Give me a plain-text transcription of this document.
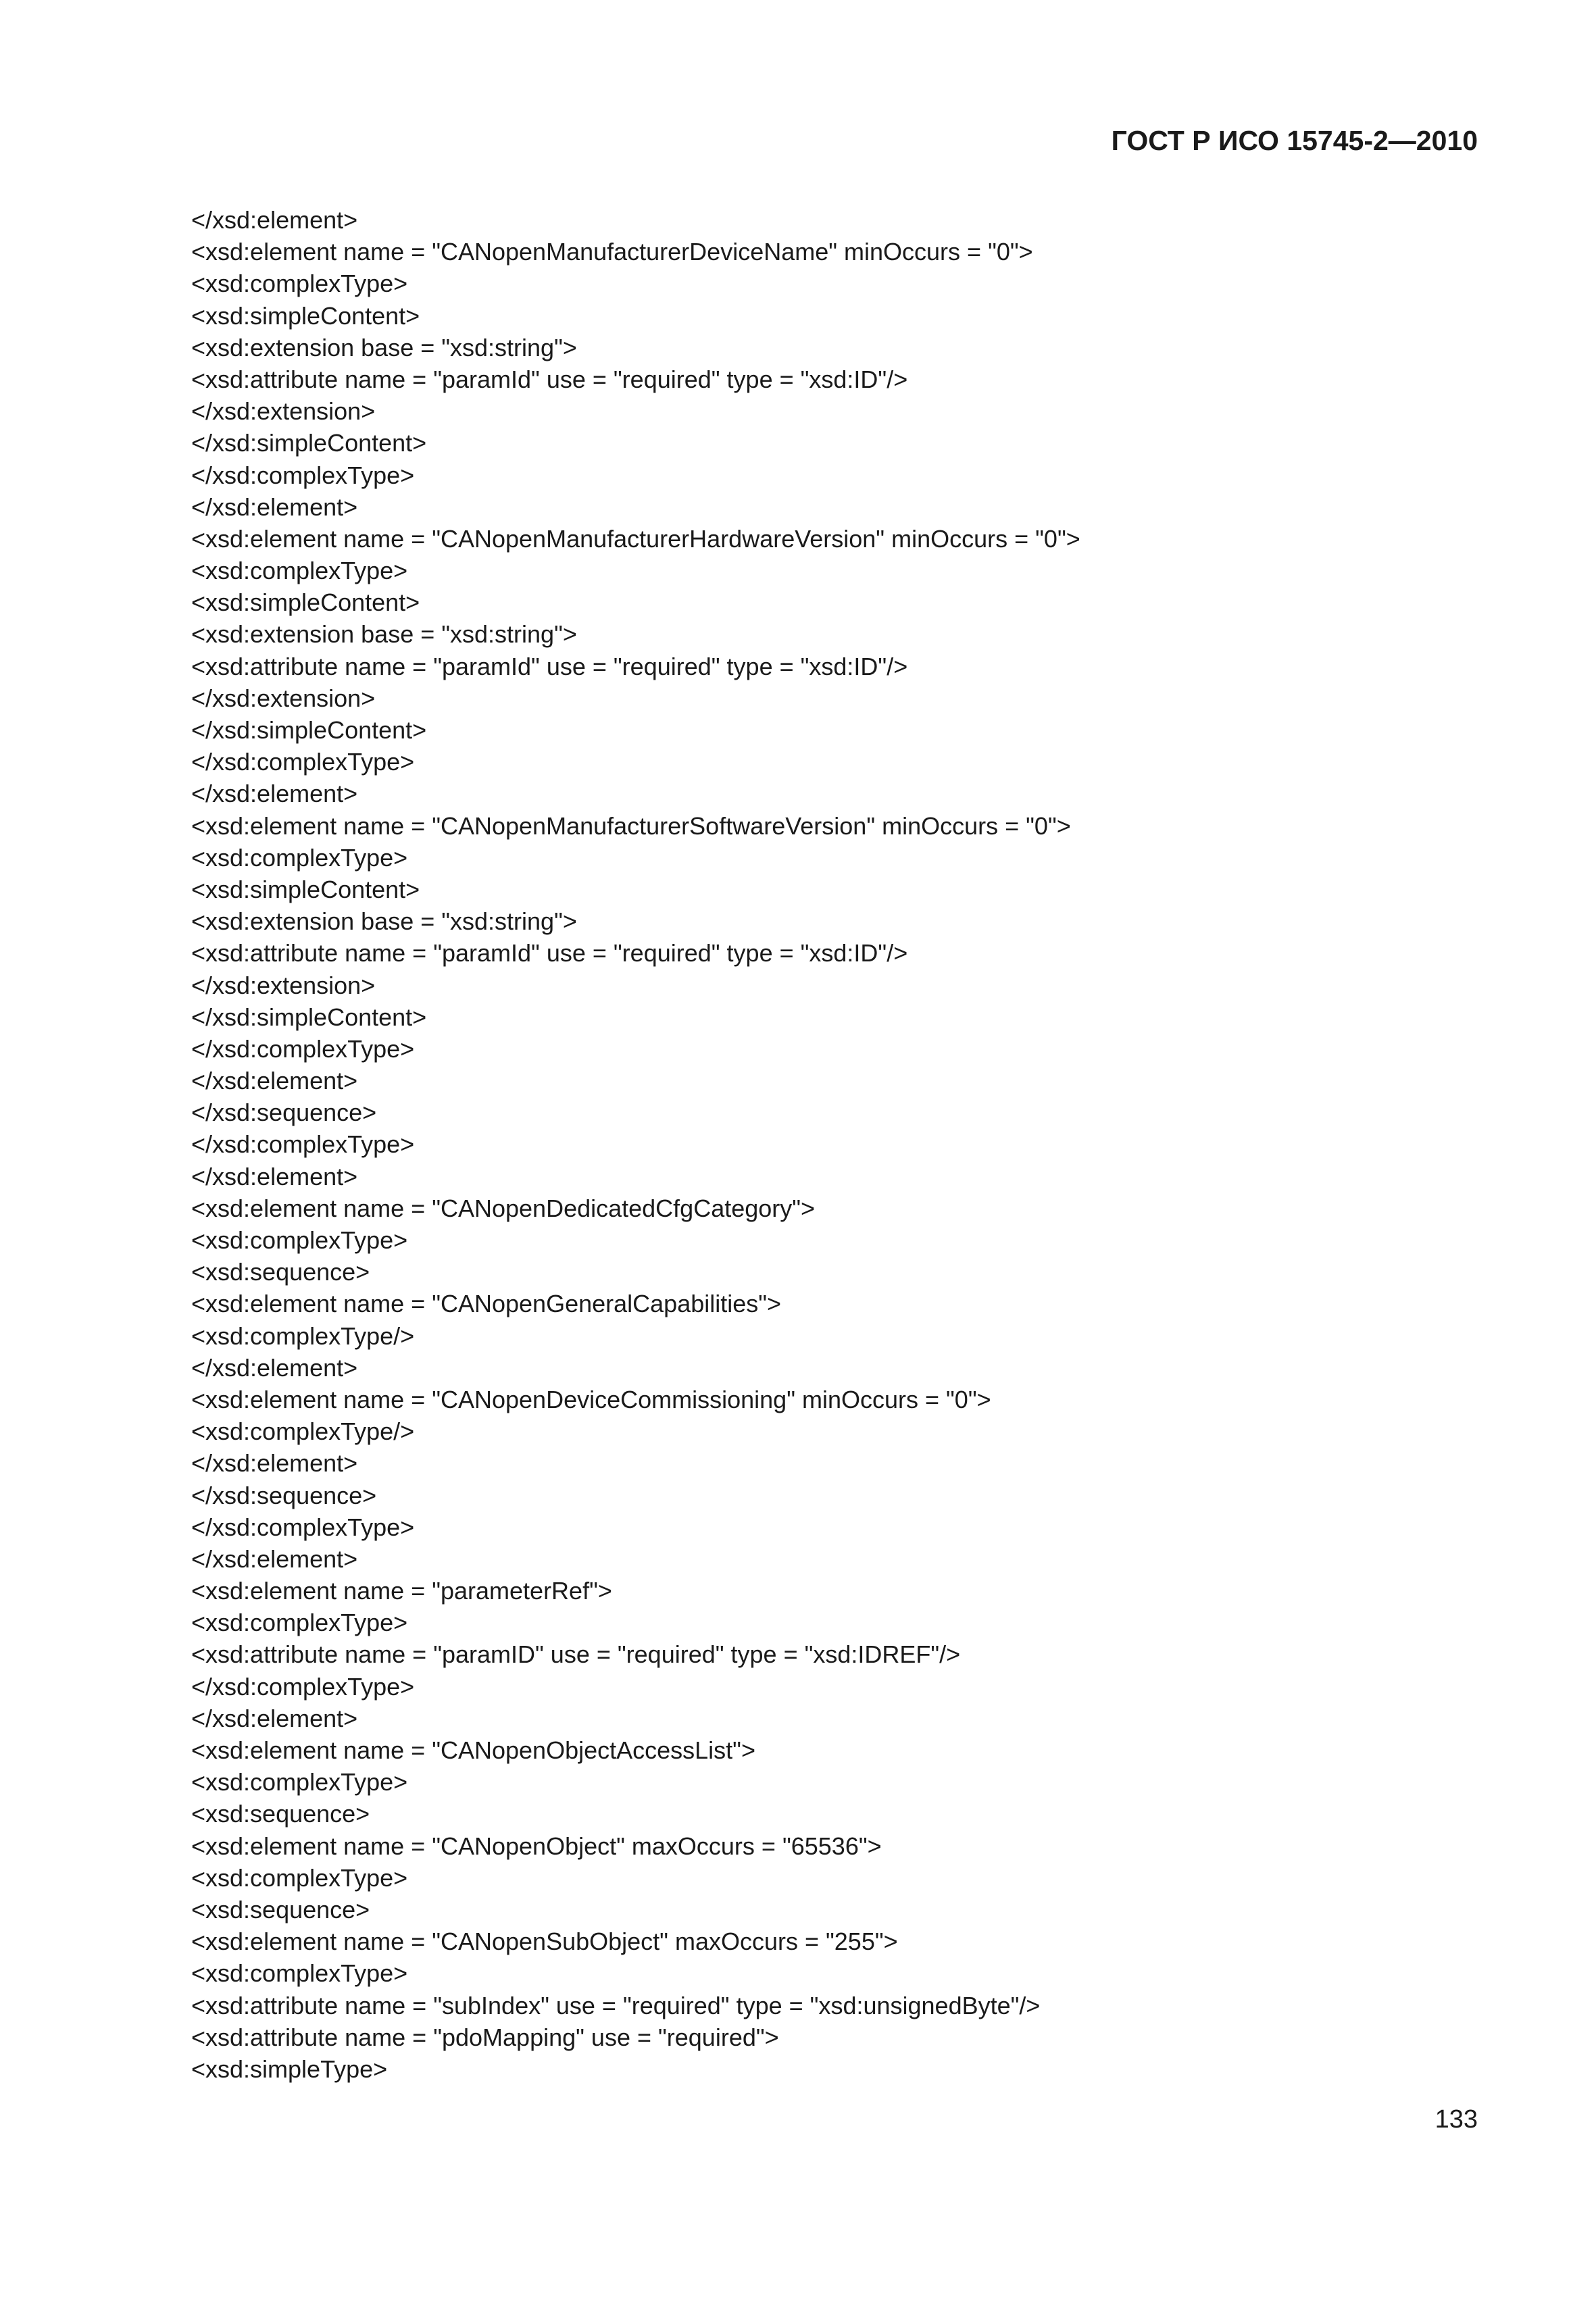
ГОСТ Р ИСО 15745-2—2010
</xsd:element>
<xsd:element name = "CANopenManufacturerDeviceName" minOccurs = "0">
<xsd:complexType>
<xsd:simpleContent>
<xsd:extension base = "xsd:string">
<xsd:attribute name = "paramId" use = "required" type = "xsd:ID"/>
</xsd:extension>
</xsd:simpleContent>
</xsd:complexType>
</xsd:element>
<xsd:element name = "CANopenManufacturerHardwareVersion" minOccurs = "0">
<xsd:complexType>
<xsd:simpleContent>
<xsd:extension base = "xsd:string">
<xsd:attribute name = "paramId" use = "required" type = "xsd:ID"/>
</xsd:extension>
</xsd:simpleContent>
</xsd:complexType>
</xsd:element>
<xsd:element name = "CANopenManufacturerSoftwareVersion" minOccurs = "0">
<xsd:complexType>
<xsd:simpleContent>
<xsd:extension base = "xsd:string">
<xsd:attribute name = "paramId" use = "required" type = "xsd:ID"/>
</xsd:extension>
</xsd:simpleContent>
</xsd:complexType>
</xsd:element>
</xsd:sequence>
</xsd:complexType>
</xsd:element>
<xsd:element name = "CANopenDedicatedCfgCategory">
<xsd:complexType>
<xsd:sequence>
<xsd:element name = "CANopenGeneralCapabilities">
<xsd:complexType/>
</xsd:element>
<xsd:element name = "CANopenDeviceCommissioning" minOccurs = "0">
<xsd:complexType/>
</xsd:element>
</xsd:sequence>
</xsd:complexType>
</xsd:element>
<xsd:element name = "parameterRef">
<xsd:complexType>
<xsd:attribute name = "paramID" use = "required" type = "xsd:IDREF"/>
</xsd:complexType>
</xsd:element>
<xsd:element name = "CANopenObjectAccessList">
<xsd:complexType>
<xsd:sequence>
<xsd:element name = "CANopenObject" maxOccurs = "65536">
<xsd:complexType>
<xsd:sequence>
<xsd:element name = "CANopenSubObject" maxOccurs = "255">
<xsd:complexType>
<xsd:attribute name = "subIndex" use = "required" type = "xsd:unsignedByte"/>
<xsd:attribute name = "pdoMapping" use = "required">
<xsd:simpleType>
133
